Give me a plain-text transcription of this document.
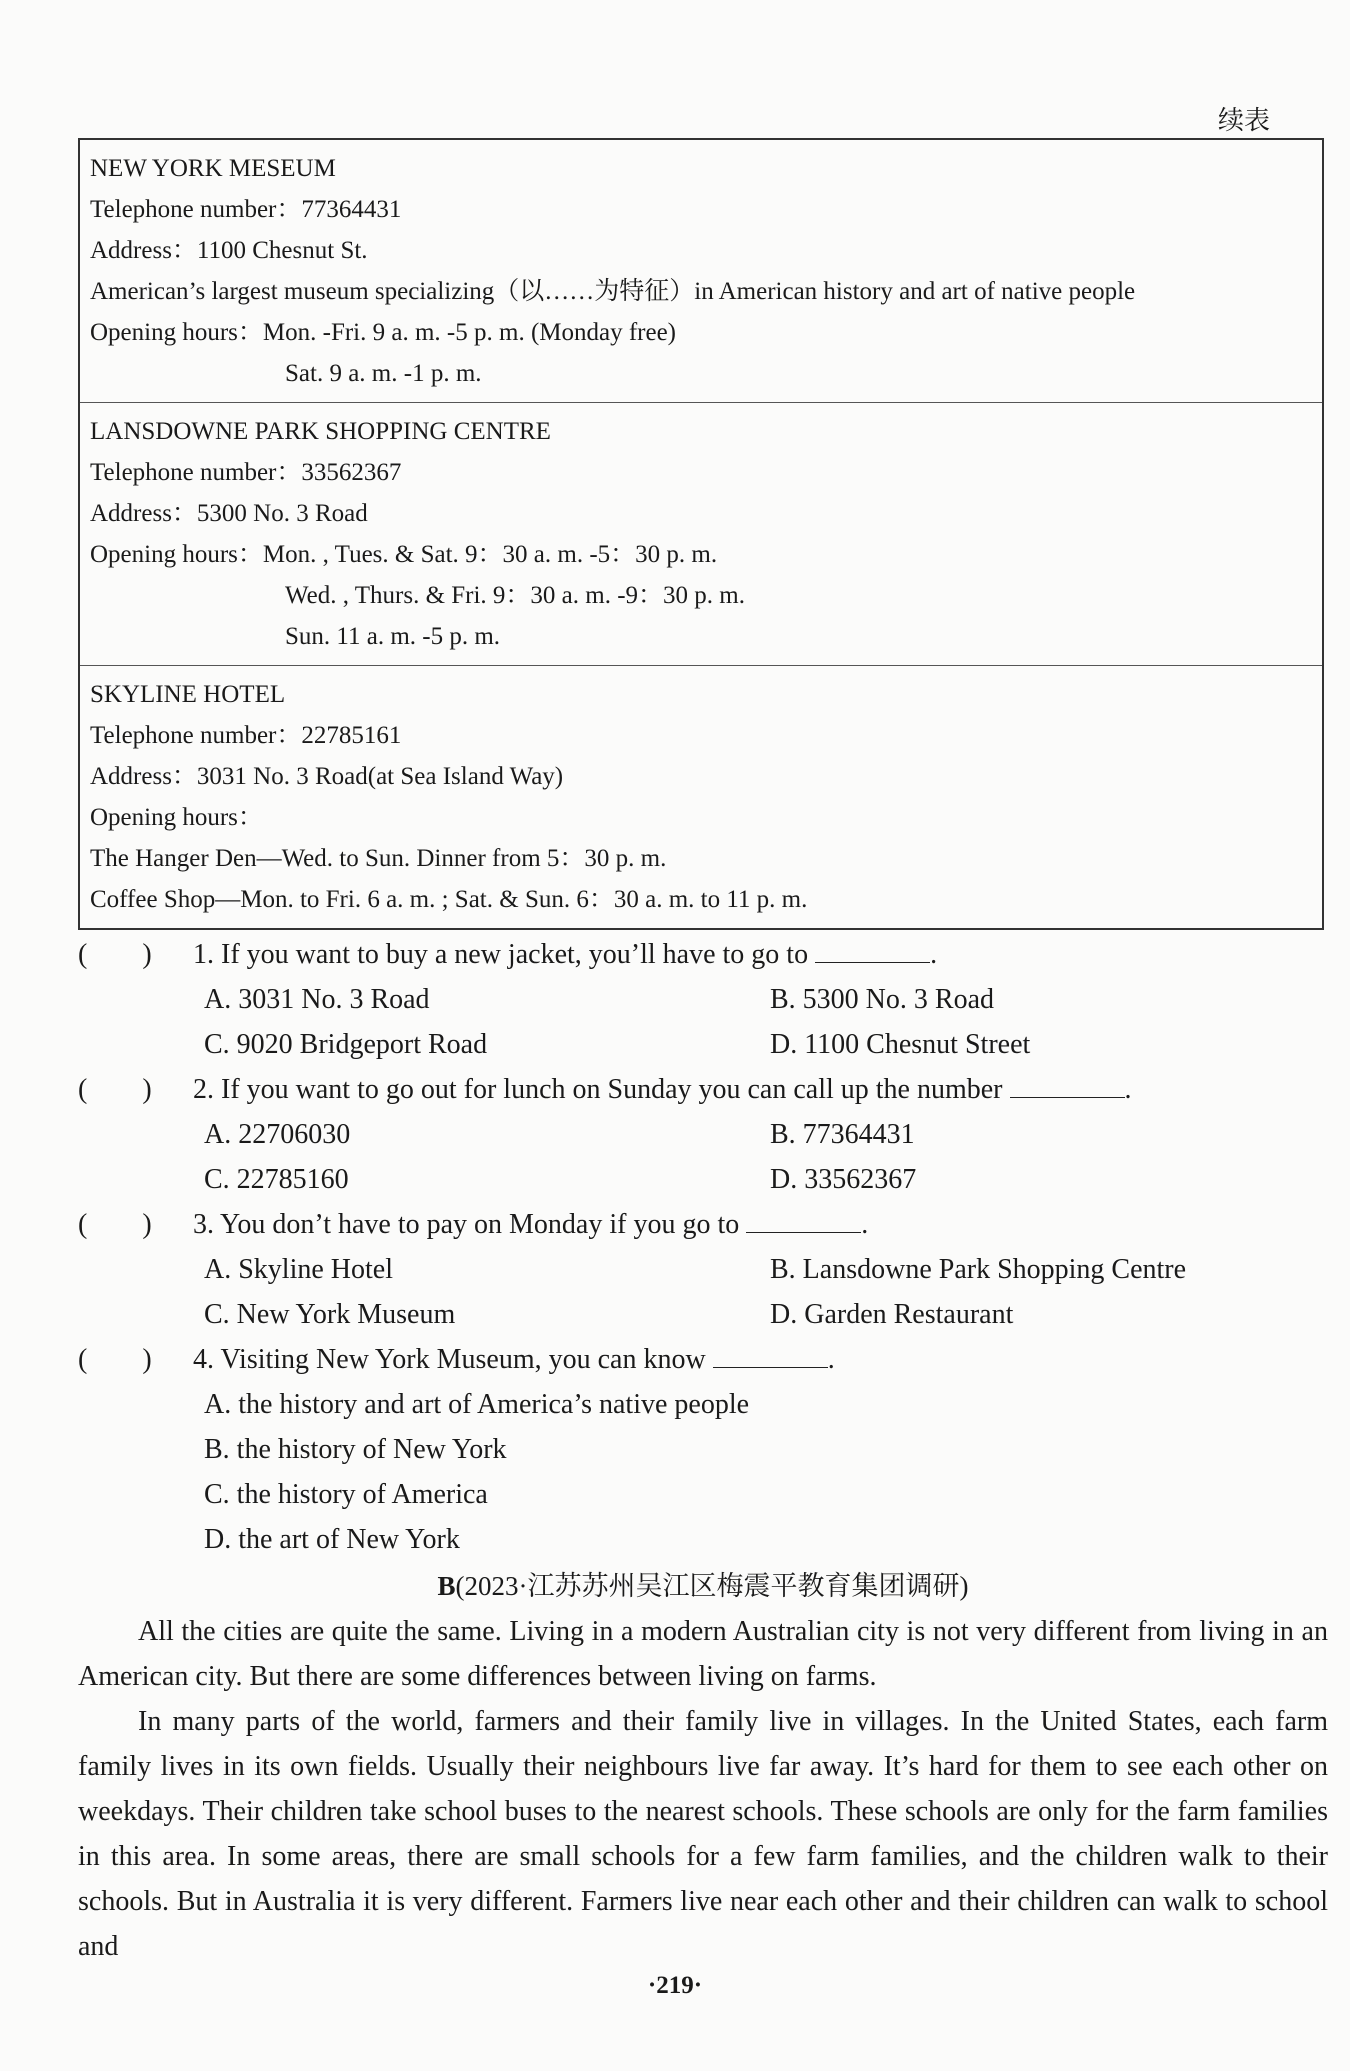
续表
NEW YORK MESEUM
Telephone number：77364431
Address：1100 Chesnut St.
American’s largest museum specializing（以……为特征）in American history and art of native people
Opening hours：Mon. -Fri. 9 a. m. -5 p. m. (Monday free)
Sat. 9 a. m. -1 p. m.
LANSDOWNE PARK SHOPPING CENTRE
Telephone number：33562367
Address：5300 No. 3 Road
Opening hours：Mon. , Tues. & Sat. 9：30 a. m. -5：30 p. m.
Wed. , Thurs. & Fri. 9：30 a. m. -9：30 p. m.
Sun. 11 a. m. -5 p. m.
SKYLINE HOTEL
Telephone number：22785161
Address：3031 No. 3 Road(at Sea Island Way)
Opening hours：
The Hanger Den—Wed. to Sun. Dinner from 5：30 p. m.
Coffee Shop—Mon. to Fri. 6 a. m. ; Sat. & Sun. 6：30 a. m. to 11 p. m.
( ) 1. If you want to buy a new jacket, you’ll have to go to	.
A. 3031 No. 3 Road	B. 5300 No. 3 Road
C. 9020 Bridgeport Road	D. 1100 Chesnut Street
( ) 2. If you want to go out for lunch on Sunday you can call up the number	.
A. 22706030	B. 77364431
C. 22785160	D. 33562367
( ) 3. You don’t have to pay on Monday if you go to	.
A. Skyline Hotel	B. Lansdowne Park Shopping Centre
C. New York Museum	D. Garden Restaurant
( ) 4. Visiting New York Museum, you can know	.
A. the history and art of America’s native people
B. the history of New York
C. the history of America
D. the art of New York
B(2023·江苏苏州吴江区梅震平教育集团调研)
All the cities are quite the same. Living in a modern Australian city is not very different from living in an American city. But there are some differences between living on farms.
In many parts of the world, farmers and their family live in villages. In the United States, each farm family lives in its own fields. Usually their neighbours live far away. It’s hard for them to see each other on weekdays. Their children take school buses to the nearest schools. These schools are only for the farm families in this area. In some areas, there are small schools for a few farm families, and the children walk to their schools. But in Australia it is very different. Farmers live near each other and their children can walk to school and
·219·
